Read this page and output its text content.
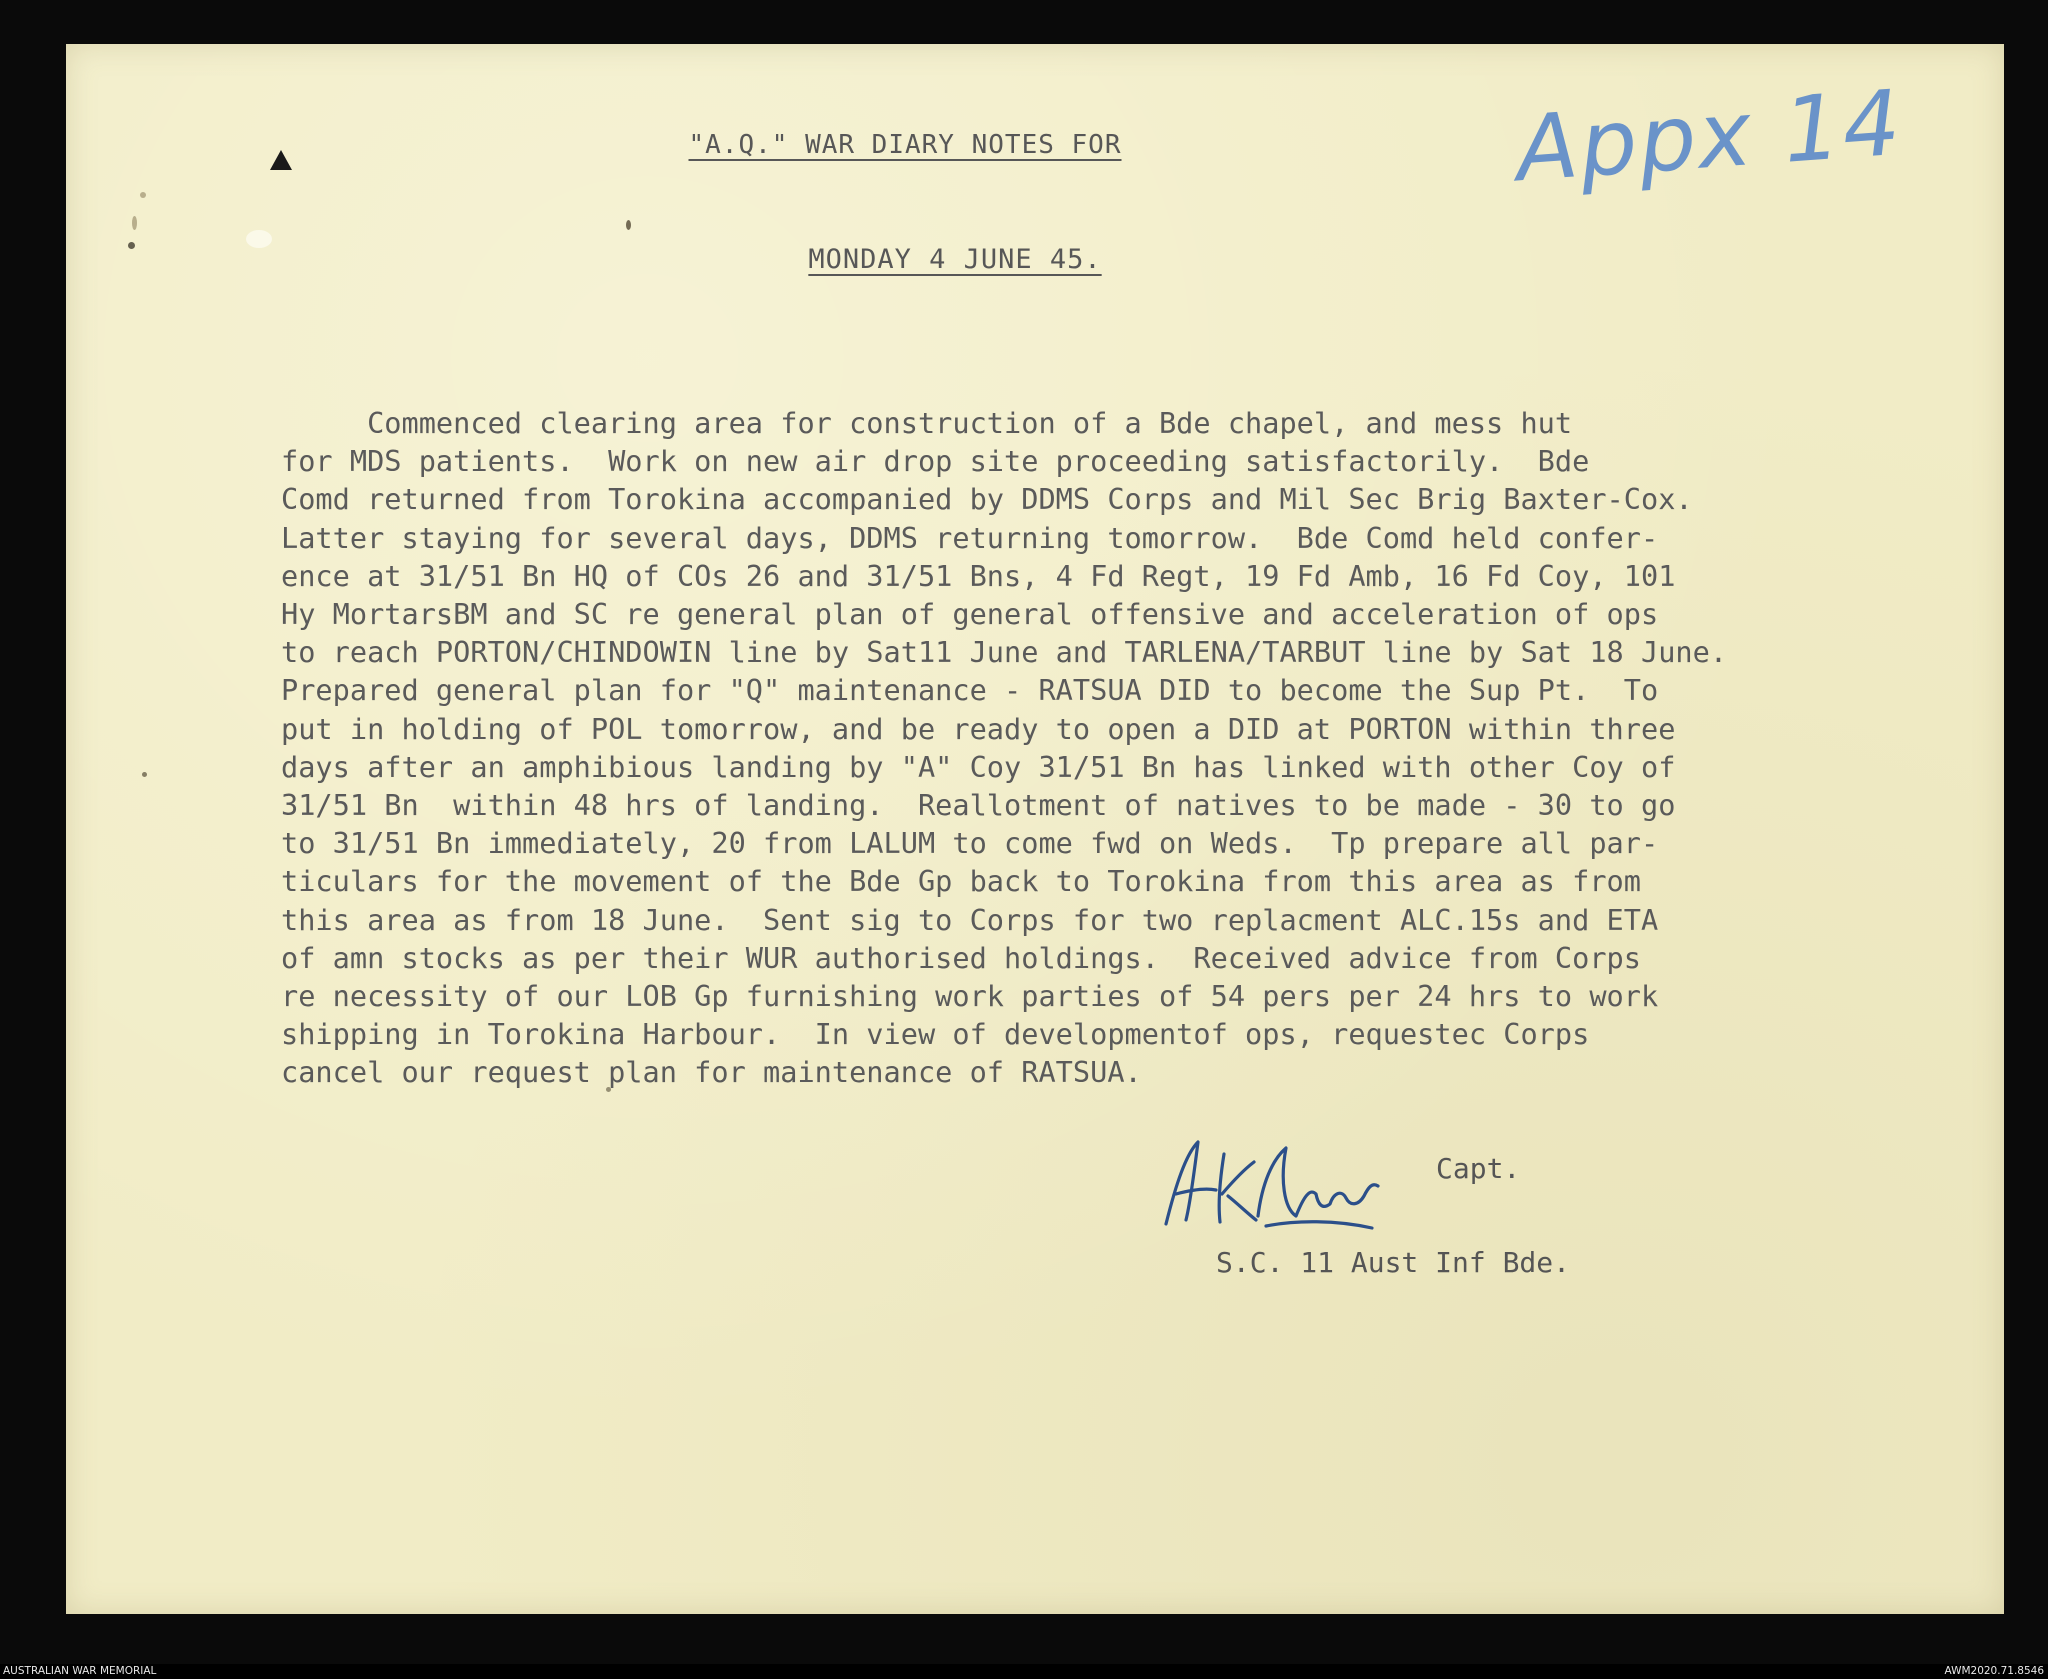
"A.Q." WAR DIARY NOTES FOR
MONDAY 4 JUNE 45.
Appx 14
Commenced clearing area for construction of a Bde chapel, and mess hut
for MDS patients.  Work on new air drop site proceeding satisfactorily.  Bde
Comd returned from Torokina accompanied by DDMS Corps and Mil Sec Brig Baxter-Cox.
Latter staying for several days, DDMS returning tomorrow.  Bde Comd held confer-
ence at 31/51 Bn HQ of COs 26 and 31/51 Bns, 4 Fd Regt, 19 Fd Amb, 16 Fd Coy, 101
Hy MortarsBM and SC re general plan of general offensive and acceleration of ops
to reach PORTON/CHINDOWIN line by Sat11 June and TARLENA/TARBUT line by Sat 18 June.
Prepared general plan for "Q" maintenance - RATSUA DID to become the Sup Pt.  To
put in holding of POL tomorrow, and be ready to open a DID at PORTON within three
days after an amphibious landing by "A" Coy 31/51 Bn has linked with other Coy of
31/51 Bn  within 48 hrs of landing.  Reallotment of natives to be made - 30 to go
to 31/51 Bn immediately, 20 from LALUM to come fwd on Weds.  Tp prepare all par-
ticulars for the movement of the Bde Gp back to Torokina from this area as from
this area as from 18 June.  Sent sig to Corps for two replacment ALC.15s and ETA
of amn stocks as per their WUR authorised holdings.  Received advice from Corps
re necessity of our LOB Gp furnishing work parties of 54 pers per 24 hrs to work
shipping in Torokina Harbour.  In view of developmentof ops, requestec Corps
cancel our request plan for maintenance of RATSUA.
Capt.
S.C. 11 Aust Inf Bde.
AUSTRALIAN WAR MEMORIAL	AWM2020.71.8546
